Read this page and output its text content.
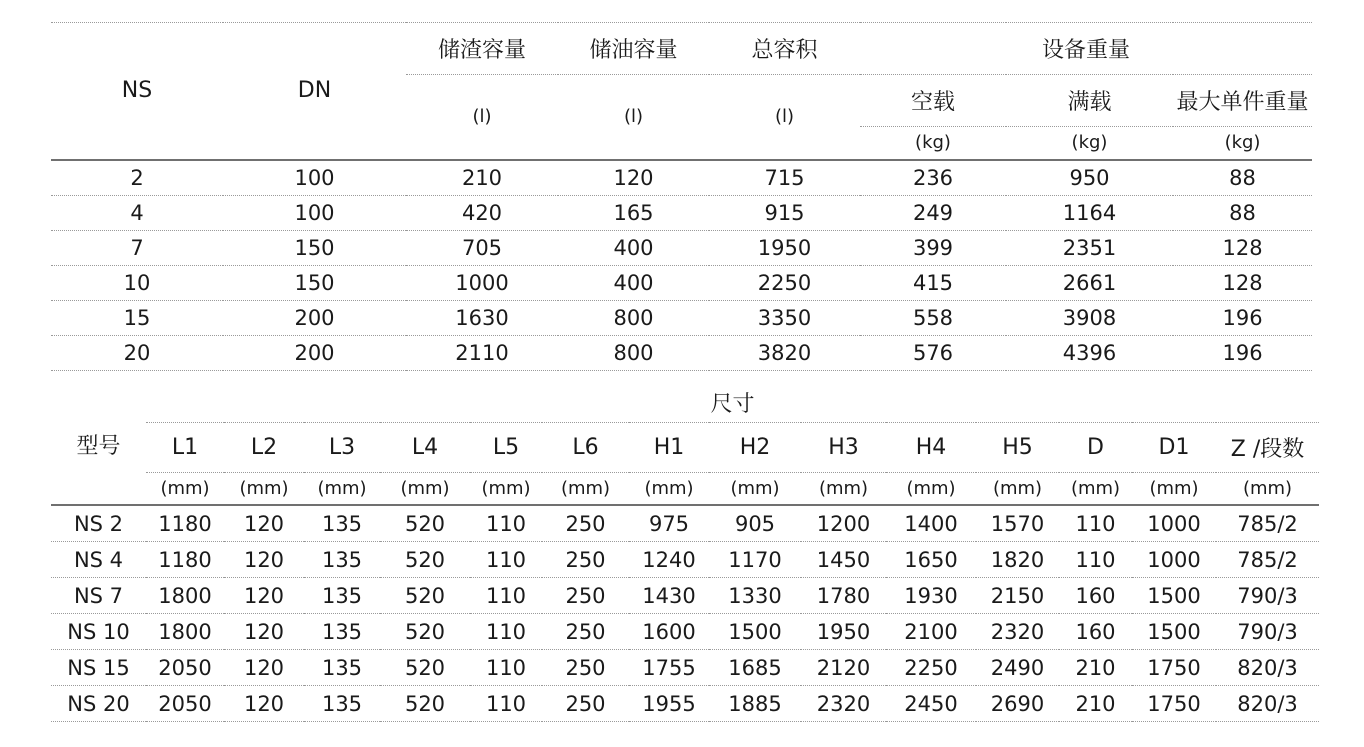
NS	DN	储渣容量	储油容量	总容积	设备重量		
		(l)	(l)	(l)	空载	满载	最大单件重量
					(kg)	(kg)	(kg)
2	100	210	120	715	236	950	88
4	100	420	165	915	249	1164	88
7	150	705	400	1950	399	2351	128
10	150	1000	400	2250	415	2661	128
15	200	1630	800	3350	558	3908	196
20	200	2110	800	3820	576	4396	196
型号	尺寸													
	L1	L2	L3	L4	L5	L6	H1	H2	H3	H4	H5	D	D1	Z /段数
	(mm)	(mm)	(mm)	(mm)	(mm)	(mm)	(mm)	(mm)	(mm)	(mm)	(mm)	(mm)	(mm)	(mm)
NS 2	1180	120	135	520	110	250	975	905	1200	1400	1570	110	1000	785/2
NS 4	1180	120	135	520	110	250	1240	1170	1450	1650	1820	110	1000	785/2
NS 7	1800	120	135	520	110	250	1430	1330	1780	1930	2150	160	1500	790/3
NS 10	1800	120	135	520	110	250	1600	1500	1950	2100	2320	160	1500	790/3
NS 15	2050	120	135	520	110	250	1755	1685	2120	2250	2490	210	1750	820/3
NS 20	2050	120	135	520	110	250	1955	1885	2320	2450	2690	210	1750	820/3
